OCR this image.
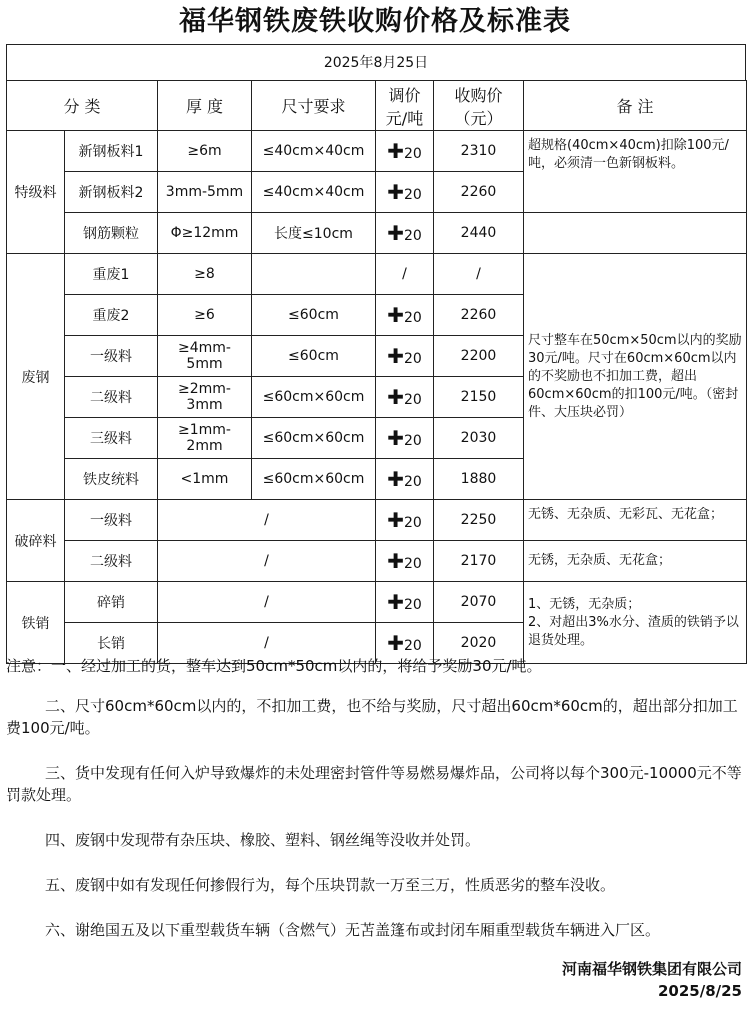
福华钢铁废铁收购价格及标准表
2025年8月25日
分 类		厚 度	尺寸要求	调价元/吨	收购价（元）	备 注
特级料	新钢板料1	≥6m	≤40cm×40cm	✚20	2310	超规格(40cm×40cm)扣除100元/吨，必须清一色新钢板料。
	新钢板料2	3mm-5mm	≤40cm×40cm	✚20	2260	
	钢筋颗粒	Φ≥12mm	长度≤10cm	✚20	2440	
废钢	重废1	≥8		/	/	尺寸整车在50cm×50cm以内的奖励30元/吨。尺寸在60cm×60cm以内的不奖励也不扣加工费，超出60cm×60cm的扣100元/吨。（密封件、大压块必罚）
	重废2	≥6	≤60cm	✚20	2260	
	一级料	≥4mm-5mm	≤60cm	✚20	2200	
	二级料	≥2mm-3mm	≤60cm×60cm	✚20	2150	
	三级料	≥1mm-2mm	≤60cm×60cm	✚20	2030	
	铁皮统料	<1mm	≤60cm×60cm	✚20	1880	
破碎料	一级料	/		✚20	2250	无锈、无杂质、无彩瓦、无花盒；
	二级料	/		✚20	2170	无锈，无杂质、无花盒；
铁销	碎销	/		✚20	2070	1、无锈，无杂质；
2、对超出3%水分、渣质的铁销予以退货处理。
	长销	/		✚20	2020	

注意：一、经过加工的货，整车达到50cm*50cm以内的，将给予奖励30元/吨。

二、尺寸60cm*60cm以内的，不扣加工费，也不给与奖励，尺寸超出60cm*60cm的，超出部分扣加工费100元/吨。

三、货中发现有任何入炉导致爆炸的未处理密封管件等易燃易爆炸品，公司将以每个300元-10000元不等罚款处理。

四、废钢中发现带有杂压块、橡胶、塑料、钢丝绳等没收并处罚。

五、废钢中如有发现任何掺假行为，每个压块罚款一万至三万，性质恶劣的整车没收。

六、谢绝国五及以下重型载货车辆（含燃气）无苫盖篷布或封闭车厢重型载货车辆进入厂区。

河南福华钢铁集团有限公司
2025/8/25
